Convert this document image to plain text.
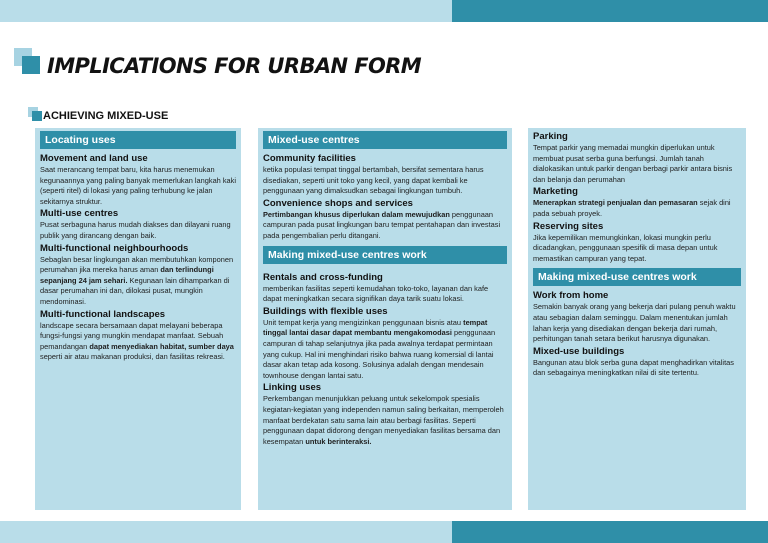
IMPLICATIONS FOR URBAN FORM
ACHIEVING MIXED-USE
Locating uses
Movement and land use
Saat merancang tempat baru, kita harus menemukan kegunaannya yang paling banyak memerlukan langkah kaki (seperti ritel) di lokasi yang paling terhubung ke jalan sekitarnya struktur.
Multi-use centres
Pusat serbaguna harus mudah diakses dan dilayani ruang publik yang dirancang dengan baik.
Multi-functional neighbourhoods
Sebaglan besar lingkungan akan membutuhkan komponen perumahan jika mereka harus aman dan terlindungi sepanjang 24 jam sehari. Kegunaan lain dihamparkan di dasar perumahan ini dan, dilokasi pusat, mungkin mendominasi.
Multi-functional landscapes
landscape secara bersamaan dapat melayani beberapa fungsi-fungsi yang mungkin mendapat manfaat. Sebuah pemandangan dapat menyediakan habitat, sumber daya seperti air atau makanan produksi, dan fasilitas rekreasi.
Mixed-use centres
Community facilities
ketika populasi tempat tinggal bertambah, bersifat sementara harus disediakan, seperti unit toko yang kecil, yang dapat kembali ke penggunaan yang dimaksudkan sebagai lingkungan tumbuh.
Convenience shops and services
Pertimbangan khusus diperlukan dalam mewujudkan penggunaan campuran pada pusat lingkungan baru tempat pentahapan dan investasi pada pengembalian perlu ditangani.
Making mixed-use centres work
Rentals and cross-funding
memberikan fasilitas seperti kemudahan toko-toko, layanan dan kafe dapat meningkatkan secara signifikan daya tarik suatu lokasi.
Buildings with flexible uses
Unit tempat kerja yang mengizinkan penggunaan bisnis atau tempat tinggal lantai dasar dapat membantu mengakomodasi penggunaan campuran di tahap selanjutnya jika pada awalnya terdapat permintaan yang cukup. Hal ini menghindari risiko bahwa ruang komersial di lantai dasar akan tetap ada kosong. Solusinya adalah dengan mendesain townhouse dengan lantai satu.
Linking uses
Perkembangan menunjukkan peluang untuk sekelompok spesialis kegiatan-kegiatan yang independen namun saling berkaitan, memperoleh manfaat berdekatan satu sama lain atau berbagi fasilitas. Seperti penggunaan dapat didorong dengan menyediakan fasilitas bersama dan kesempatan untuk berinteraksi.
Parking
Tempat parkir yang memadai mungkin diperlukan untuk membuat pusat serba guna berfungsi. Jumlah tanah dialokasikan untuk parkir dengan berbagi parkir antara bisnis dan belanja dan perumahan
Marketing
Menerapkan strategi penjualan dan pemasaran sejak dini pada sebuah proyek.
Reserving sites
Jika kepemilikan memungkinkan, lokasi mungkin perlu dicadangkan, penggunaan spesifik di masa depan untuk memastikan campuran yang tepat.
Making mixed-use centres work
Work from home
Semakin banyak orang yang bekerja dari pulang penuh waktu atau sebagian dalam seminggu. Dalam menentukan jumlah lahan kerja yang disediakan dengan bekerja dari rumah, perhitungan tanah setara berikut harusnya digunakan.
Mixed-use buildings
Bangunan atau blok serba guna dapat menghadirkan vitalitas dan sebagainya meningkatkan nilai di site tertentu.
